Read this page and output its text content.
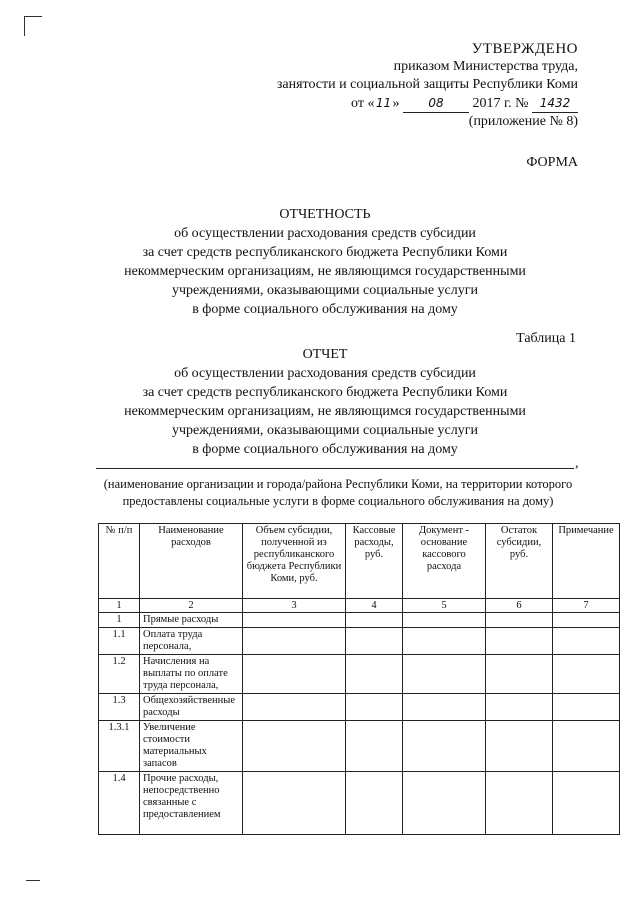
УТВЕРЖДЕНО
приказом Министерства труда,
занятости и социальной защиты Республики Коми
от «11» 08 2017 г. № 1432
(приложение № 8)
ФОРМА
ОТЧЕТНОСТЬ
об осуществлении расходования средств субсидии
за счет средств республиканского бюджета Республики Коми
некоммерческим организациям, не являющимся государственными
учреждениями, оказывающими социальные услуги
в форме социального обслуживания на дому
Таблица 1
ОТЧЕТ
об осуществлении расходования средств субсидии
за счет средств республиканского бюджета Республики Коми
некоммерческим организациям, не являющимся государственными
учреждениями, оказывающими социальные услуги
в форме социального обслуживания на дому
,
(наименование организации и города/района Республики Коми, на территории которого
предоставлены социальные услуги в форме социального обслуживания на дому)
№ п/п	Наименование расходов	Объем субсидии, полученной из республиканского бюджета Республики Коми, руб.	Кассовые расходы, руб.	Документ - основание кассового расхода	Остаток субсидии, руб.	Примечание
1	2	3	4	5	6	7
1	Прямые расходы					
1.1	Оплата труда персонала,					
1.2	Начисления на выплаты по оплате труда персонала,					
1.3	Общехозяйственные расходы					
1.3.1	Увеличение стоимости материальных запасов					
1.4	Прочие расходы, непосредственно связанные с предоставлением					
